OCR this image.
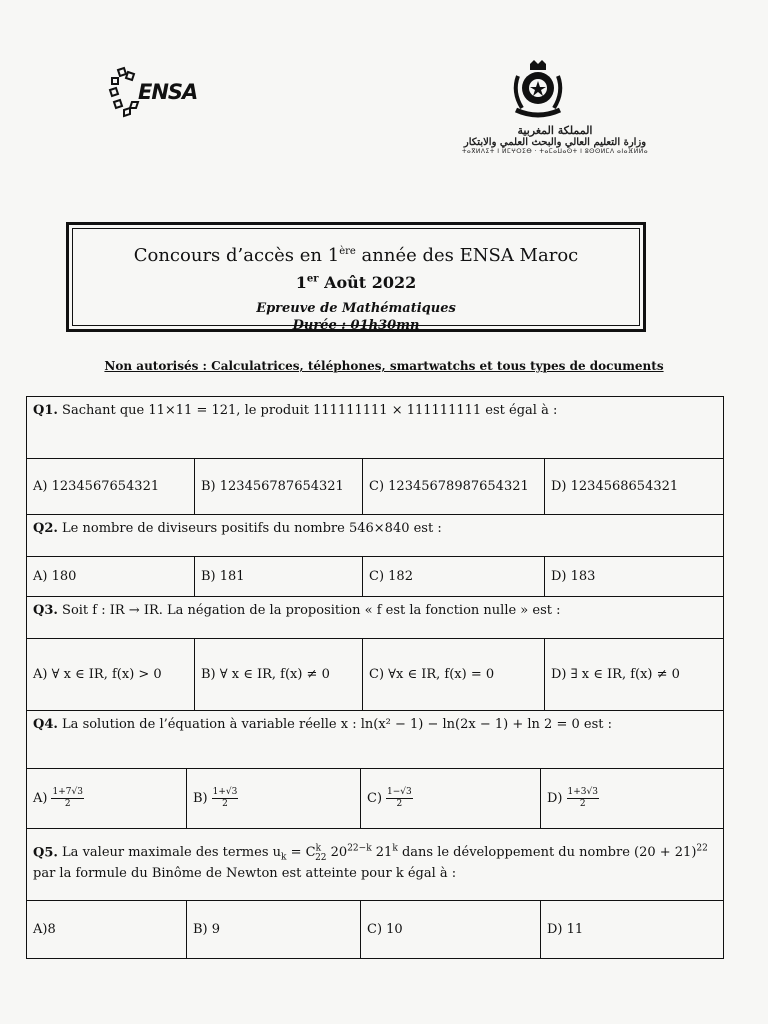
ENSA
المملكة المغربية
وزارة التعليم العالي والبحث العلمي والابتكار
ⵜⴰⴳⵍⴷⵉⵜ ⵏ ⵍⵎⵖⵔⵉⴱ · ⵜⴰⵎⴰⵡⴰⵙⵜ ⵏ ⵓⵙⵙⵍⵎⴷ ⴰⵏⴰⴼⵍⵍⴰ
Concours d’accès en 1ère année des ENSA Maroc
1er Août 2022
Epreuve de Mathématiques
Durée : 01h30mn
Non autorisés : Calculatrices, téléphones, smartwatchs et tous types de documents
Q1. Sachant que 11×11 = 121, le produit 111111111 × 111111111 est égal à :
A) 1234567654321	B) 123456787654321	C) 12345678987654321	D) 1234568654321
Q2. Le nombre de diviseurs positifs du nombre 546×840 est :
A) 180	B) 181	C) 182	D) 183
Q3. Soit f : IR → IR. La négation de la proposition « f est la fonction nulle » est :
A) ∀ x ∈ IR, f(x) > 0	B) ∀ x ∈ IR, f(x) ≠ 0	C) ∀x ∈ IR, f(x) = 0	D) ∃ x ∈ IR, f(x) ≠ 0
Q4. La solution de l’équation à variable réelle x : ln(x² − 1) − ln(2x − 1) + ln 2 = 0 est :
$A) \frac{1+7√3}{2}$	$B) \frac{1+√3}{2}$	$C) \frac{1-√3}{2}$	$D) \frac{1+3√3}{2}$
Q5. La valeur maximale des termes $u_k = C^k_{22}$ $20^{22-k}$ 21$^k$ dans le développement du nombre $(20 + 21)^{22}$ par la formule du Binôme de Newton est atteinte pour k égal à :
A)8	B) 9	C) 10	D) 11
